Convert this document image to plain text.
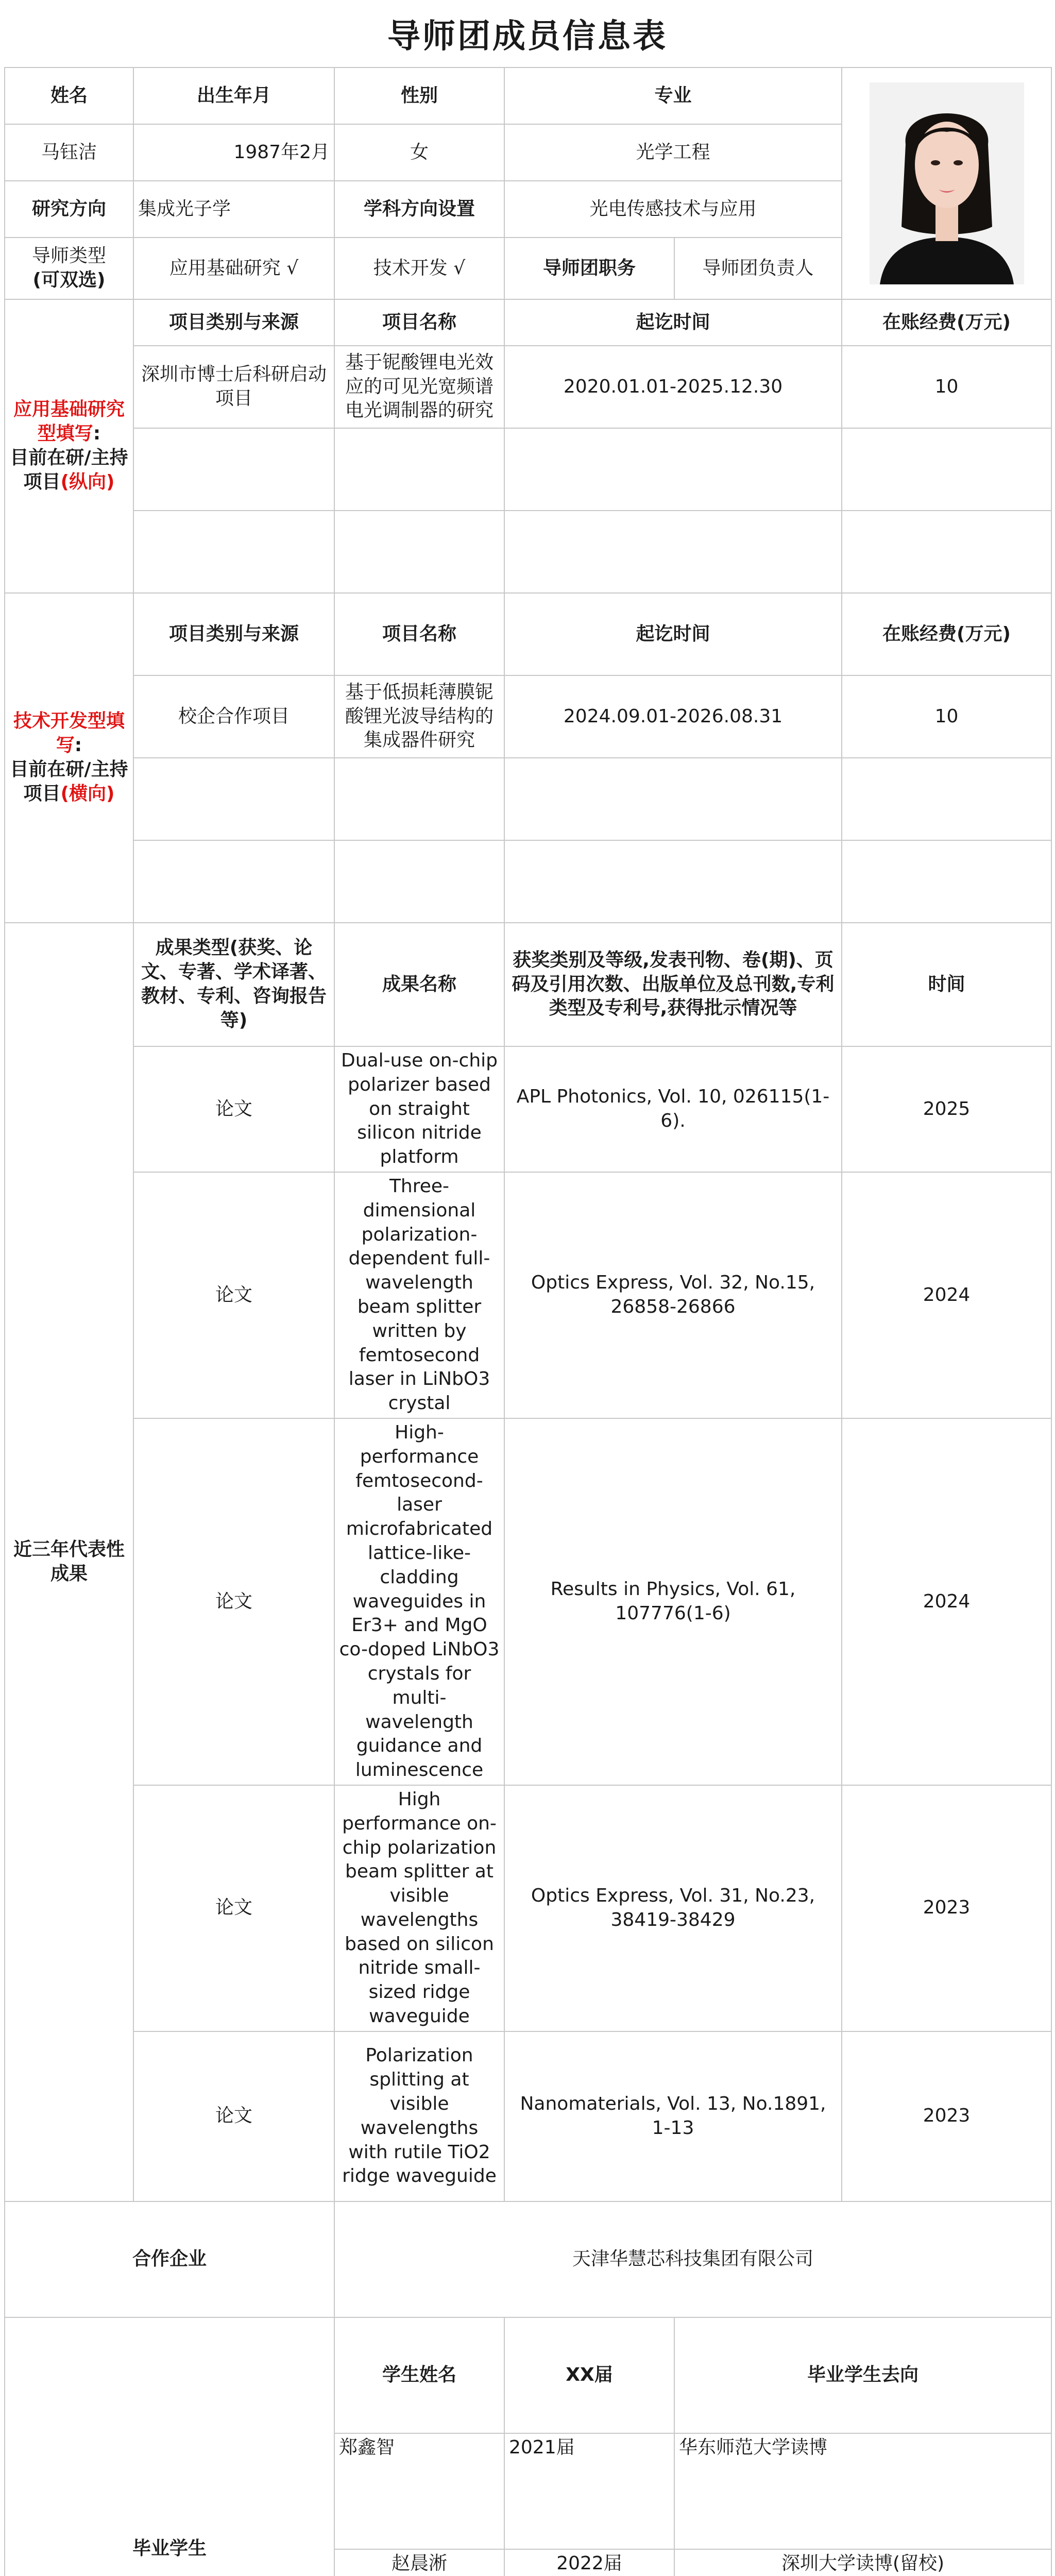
导师团成员信息表
姓名	出生年月	性别	专业	

马钰洁	1987年2月	女	光学工程		
研究方向	集成光子学	学科方向设置	光电传感技术与应用		

导师类型
(可双选)	应用基础研究 √	技术开发 √	导师团职务	导师团负责人	
应用基础研究型填写:
目前在研/主持项目(纵向)	项目类别与来源	项目名称	起讫时间		在账经费(万元)
	深圳市博士后科研启动项目	基于铌酸锂电光效应的可见光宽频谱电光调制器的研究	2020.01.01-2025.12.30		10

技术开发型填写:
目前在研/主持项目(横向)	项目类别与来源	项目名称	起讫时间		在账经费(万元)
	校企合作项目	基于低损耗薄膜铌酸锂光波导结构的集成器件研究	2024.09.01-2026.08.31		10

近三年代表性成果	成果类型(获奖、论文、专著、学术译著、教材、专利、咨询报告等)	成果名称	获奖类别及等级,发表刊物、卷(期)、页码及引用次数、出版单位及总刊数,专利类型及专利号,获得批示情况等		时间
	论文	Dual-use on-chip polarizer based on straight silicon nitride platform	APL Photonics, Vol. 10, 026115(1-6).		2025
	论文	Three-dimensional polarization-dependent full-wavelength beam splitter written by femtosecond laser in LiNbO3 crystal	Optics Express, Vol. 32, No.15, 26858-26866		2024
	论文	High-performance femtosecond-laser microfabricated lattice-like-cladding waveguides in Er3+ and MgO co-doped LiNbO3 crystals for multi-wavelength guidance and luminescence	Results in Physics, Vol. 61, 107776(1-6)		2024
	论文	High performance on-chip polarization beam splitter at visible wavelengths based on silicon nitride small-sized ridge waveguide	Optics Express, Vol. 31, No.23, 38419-38429		2023
	论文	Polarization splitting at visible wavelengths with rutile TiO2 ridge waveguide	Nanomaterials, Vol. 13, No.1891, 1-13		2023
合作企业		天津华慧芯科技集团有限公司			
毕业学生		学生姓名	XX届	毕业学生去向	
		郑鑫智	2021届	华东师范大学读博	
		赵晨淅	2022届	深圳大学读博(留校)	
